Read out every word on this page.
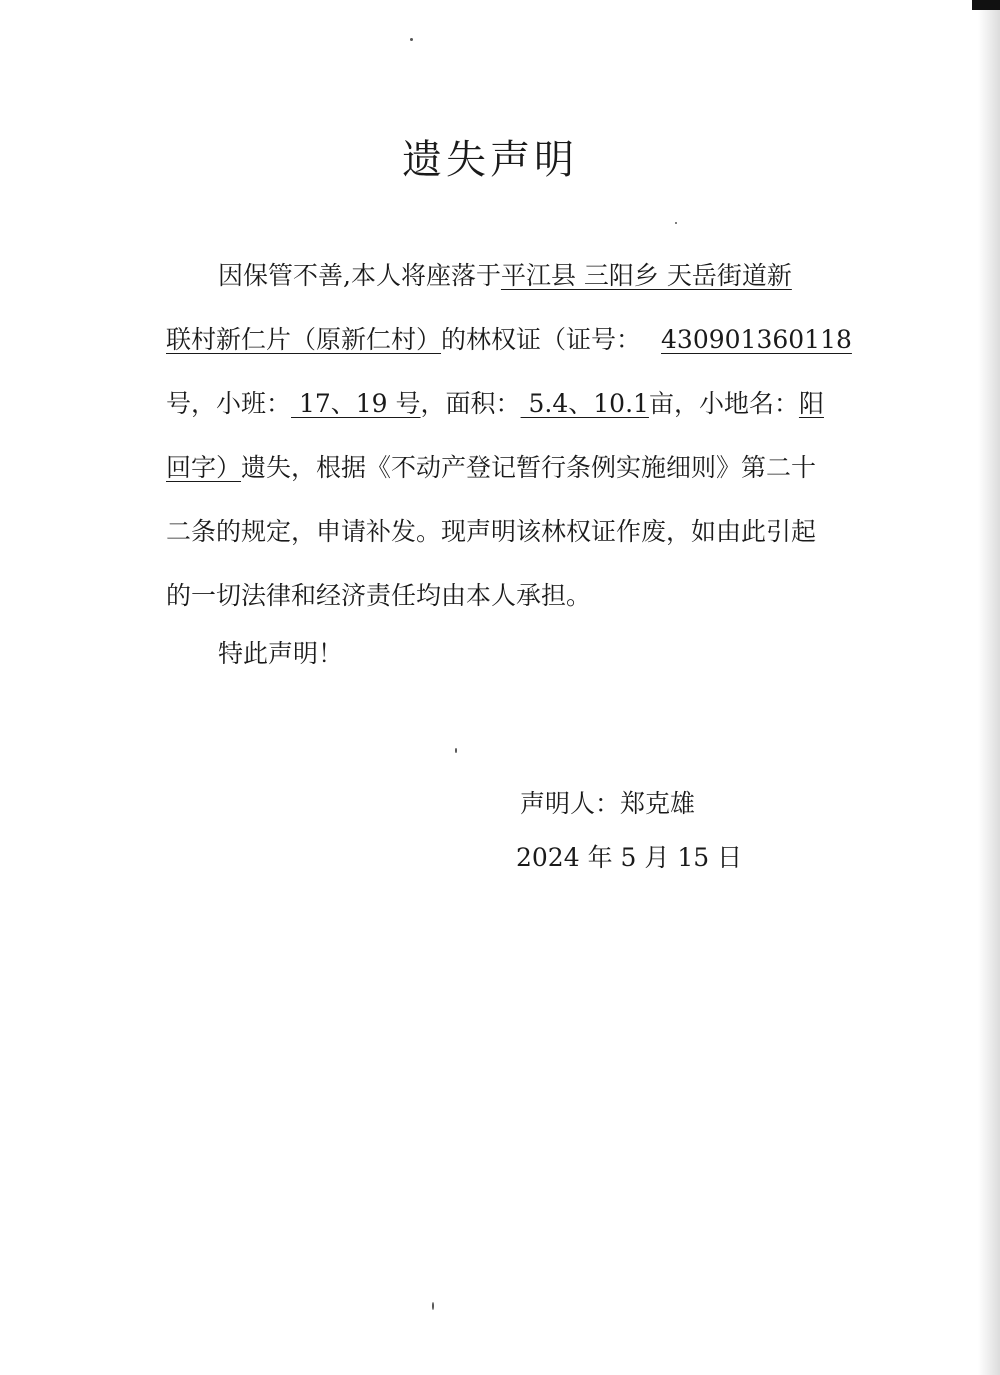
遗失声明
因保管不善,本人将座落于平江县 三阳乡 天岳街道新
联村新仁片（原新仁村）的林权证（证号： 430901360118
号，小班： 17、19 号，面积： 5.4、10.1亩，小地名：阳
回字）遗失，根据《不动产登记暂行条例实施细则》第二十
二条的规定，申请补发。现声明该林权证作废，如由此引起
的一切法律和经济责任均由本人承担。
特此声明！
声明人：郑克雄
2024 年 5 月 15 日
